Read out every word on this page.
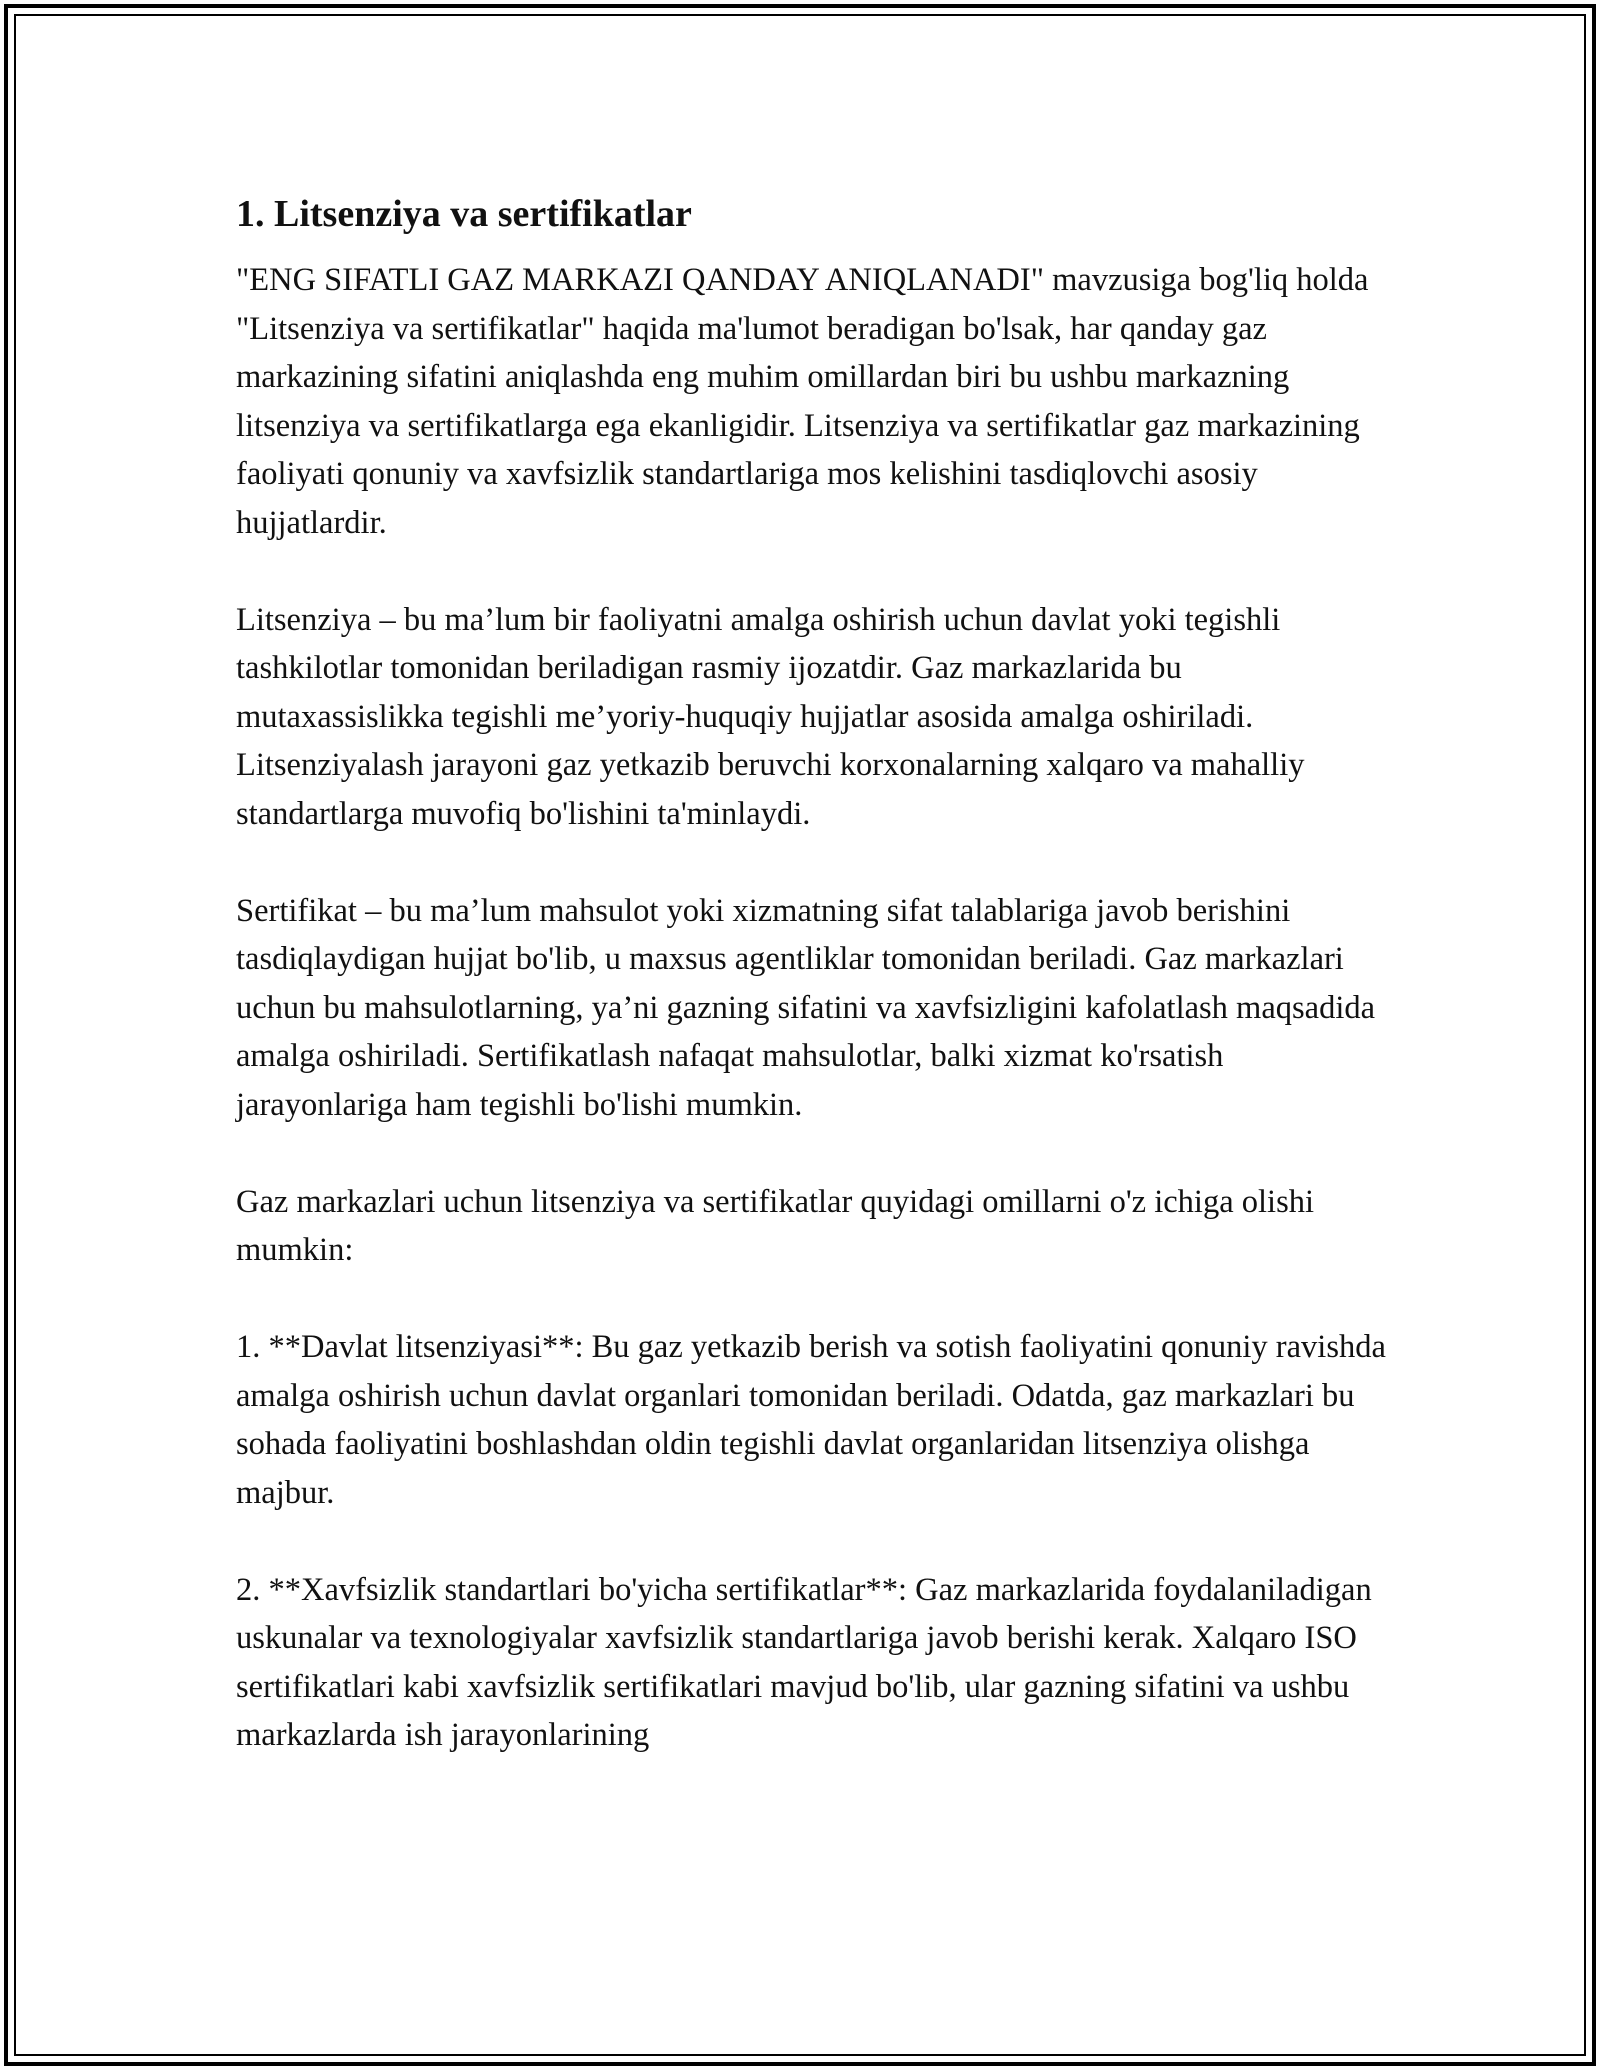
1. Litsenziya va sertifikatlar

"ENG SIFATLI GAZ MARKAZI QANDAY ANIQLANADI" mavzusiga bog'liq holda "Litsenziya va sertifikatlar" haqida ma'lumot beradigan bo'lsak, har qanday gaz markazining sifatini aniqlashda eng muhim omillardan biri bu ushbu markazning litsenziya va sertifikatlarga ega ekanligidir. Litsenziya va sertifikatlar gaz markazining faoliyati qonuniy va xavfsizlik standartlariga mos kelishini tasdiqlovchi asosiy hujjatlardir.

Litsenziya – bu ma’lum bir faoliyatni amalga oshirish uchun davlat yoki tegishli tashkilotlar tomonidan beriladigan rasmiy ijozatdir. Gaz markazlarida bu mutaxassislikka tegishli me’yoriy-huquqiy hujjatlar asosida amalga oshiriladi. Litsenziyalash jarayoni gaz yetkazib beruvchi korxonalarning xalqaro va mahalliy standartlarga muvofiq bo'lishini ta'minlaydi.

Sertifikat – bu ma’lum mahsulot yoki xizmatning sifat talablariga javob berishini tasdiqlaydigan hujjat bo'lib, u maxsus agentliklar tomonidan beriladi. Gaz markazlari uchun bu mahsulotlarning, ya’ni gazning sifatini va xavfsizligini kafolatlash maqsadida amalga oshiriladi. Sertifikatlash nafaqat mahsulotlar, balki xizmat ko'rsatish jarayonlariga ham tegishli bo'lishi mumkin.

Gaz markazlari uchun litsenziya va sertifikatlar quyidagi omillarni o'z ichiga olishi mumkin:

1. **Davlat litsenziyasi**: Bu gaz yetkazib berish va sotish faoliyatini qonuniy ravishda amalga oshirish uchun davlat organlari tomonidan beriladi. Odatda, gaz markazlari bu sohada faoliyatini boshlashdan oldin tegishli davlat organlaridan litsenziya olishga majbur.

2. **Xavfsizlik standartlari bo'yicha sertifikatlar**: Gaz markazlarida foydalaniladigan uskunalar va texnologiyalar xavfsizlik standartlariga javob berishi kerak. Xalqaro ISO sertifikatlari kabi xavfsizlik sertifikatlari mavjud bo'lib, ular gazning sifatini va ushbu markazlarda ish jarayonlarining
